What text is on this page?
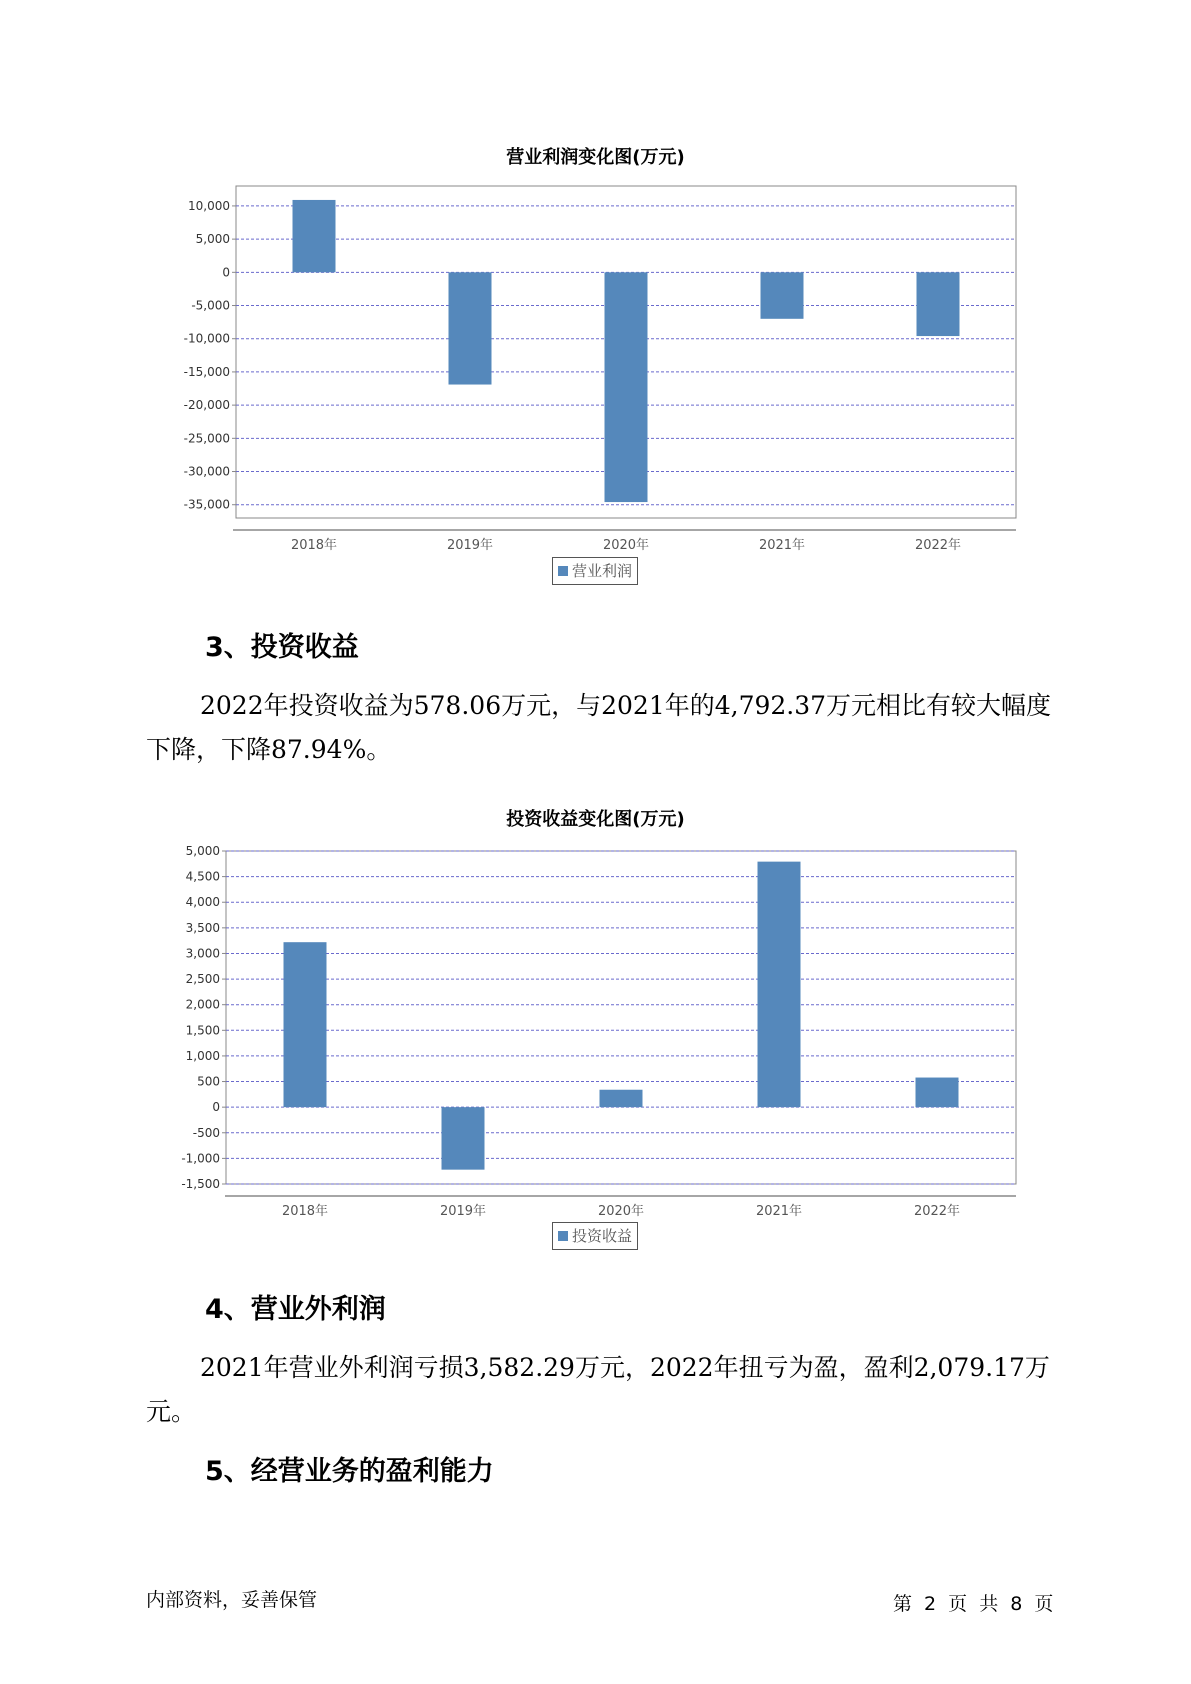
营业利润变化图(万元)
10,000
5,000
0
-5,000
-10,000
-15,000
-20,000
-25,000
-30,000
-35,000
2018年	2019年	2020年	2021年	2022年
营业利润
3、投资收益
2022年投资收益为578.06万元，与2021年的4,792.37万元相比有较大幅度下降，下降87.94%。
投资收益变化图(万元)
5,000
4,500
4,000
3,500
3,000
2,500
2,000
1,500
1,000
500
0
-500
-1,000
-1,500
2018年	2019年	2020年	2021年	2022年
投资收益
4、营业外利润
2021年营业外利润亏损3,582.29万元，2022年扭亏为盈，盈利2,079.17万元。
5、经营业务的盈利能力
内部资料，妥善保管	第 2 页 共 8 页
